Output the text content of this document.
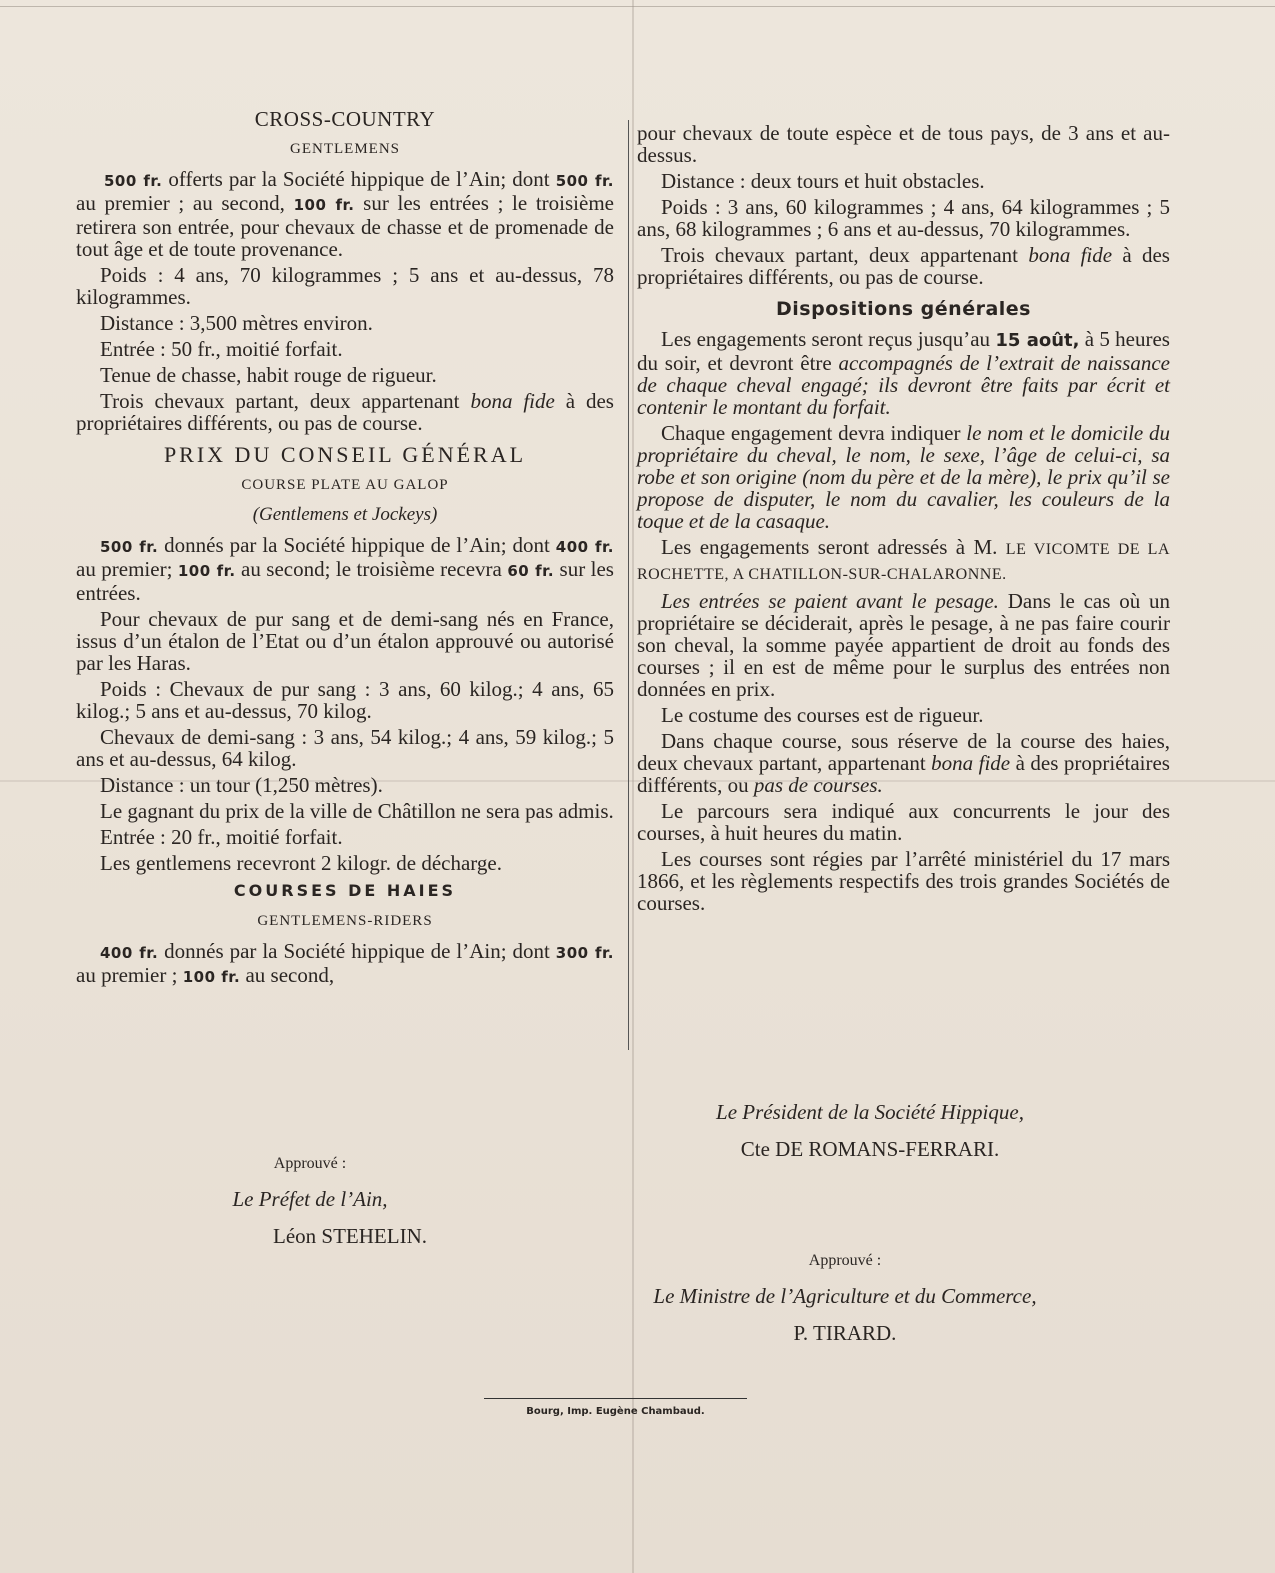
CROSS-COUNTRY
GENTLEMENS

500 fr. offerts par la Société hippique de l’Ain; dont 500 fr. au premier ; au second, 100 fr. sur les entrées ; le troisième retirera son entrée, pour chevaux de chasse et de promenade de tout âge et de toute provenance.

Poids : 4 ans, 70 kilogrammes ; 5 ans et au-dessus, 78 kilogrammes.

Distance : 3,500 mètres environ.

Entrée : 50 fr., moitié forfait.

Tenue de chasse, habit rouge de rigueur.

Trois chevaux partant, deux appartenant bona fide à des propriétaires différents, ou pas de course.

PRIX DU CONSEIL GÉNÉRAL
COURSE PLATE AU GALOP
(Gentlemens et Jockeys)

500 fr. donnés par la Société hippique de l’Ain; dont 400 fr. au premier; 100 fr. au second; le troisième recevra 60 fr. sur les entrées.

Pour chevaux de pur sang et de demi-sang nés en France, issus d’un étalon de l’Etat ou d’un étalon approuvé ou autorisé par les Haras.

Poids : Chevaux de pur sang : 3 ans, 60 kilog.; 4 ans, 65 kilog.; 5 ans et au-dessus, 70 kilog.

Chevaux de demi-sang : 3 ans, 54 kilog.; 4 ans, 59 kilog.; 5 ans et au-dessus, 64 kilog.

Distance : un tour (1,250 mètres).

Le gagnant du prix de la ville de Châtillon ne sera pas admis.

Entrée : 20 fr., moitié forfait.

Les gentlemens recevront 2 kilogr. de décharge.

COURSES DE HAIES
GENTLEMENS-RIDERS

400 fr. donnés par la Société hippique de l’Ain; dont 300 fr. au premier ; 100 fr. au second,

pour chevaux de toute espèce et de tous pays, de 3 ans et au-dessus.

Distance : deux tours et huit obstacles.

Poids : 3 ans, 60 kilogrammes ; 4 ans, 64 kilogrammes ; 5 ans, 68 kilogrammes ; 6 ans et au-dessus, 70 kilogrammes.

Trois chevaux partant, deux appartenant bona fide à des propriétaires différents, ou pas de course.

Dispositions générales

Les engagements seront reçus jusqu’au 15 août, à 5 heures du soir, et devront être accompagnés de l’extrait de naissance de chaque cheval engagé; ils devront être faits par écrit et contenir le montant du forfait.

Chaque engagement devra indiquer le nom et le domicile du propriétaire du cheval, le nom, le sexe, l’âge de celui-ci, sa robe et son origine (nom du père et de la mère), le prix qu’il se propose de disputer, le nom du cavalier, les couleurs de la toque et de la casaque.

Les engagements seront adressés à M. LE VICOMTE DE LA ROCHETTE, A CHATILLON-SUR-CHALARONNE.

Les entrées se paient avant le pesage. Dans le cas où un propriétaire se déciderait, après le pesage, à ne pas faire courir son cheval, la somme payée appartient de droit au fonds des courses ; il en est de même pour le surplus des entrées non données en prix.

Le costume des courses est de rigueur.

Dans chaque course, sous réserve de la course des haies, deux chevaux partant, appartenant bona fide à des propriétaires différents, ou pas de courses.

Le parcours sera indiqué aux concurrents le jour des courses, à huit heures du matin.

Les courses sont régies par l’arrêté ministériel du 17 mars 1866, et les règlements respectifs des trois grandes Sociétés de courses.

Le Président de la Société Hippique,
Cte DE ROMANS-FERRARI.
Approuvé :
Le Préfet de l’Ain,
Léon STEHELIN.
Approuvé :
Le Ministre de l’Agriculture et du Commerce,
P. TIRARD.
Bourg, Imp. Eugène Chambaud.
